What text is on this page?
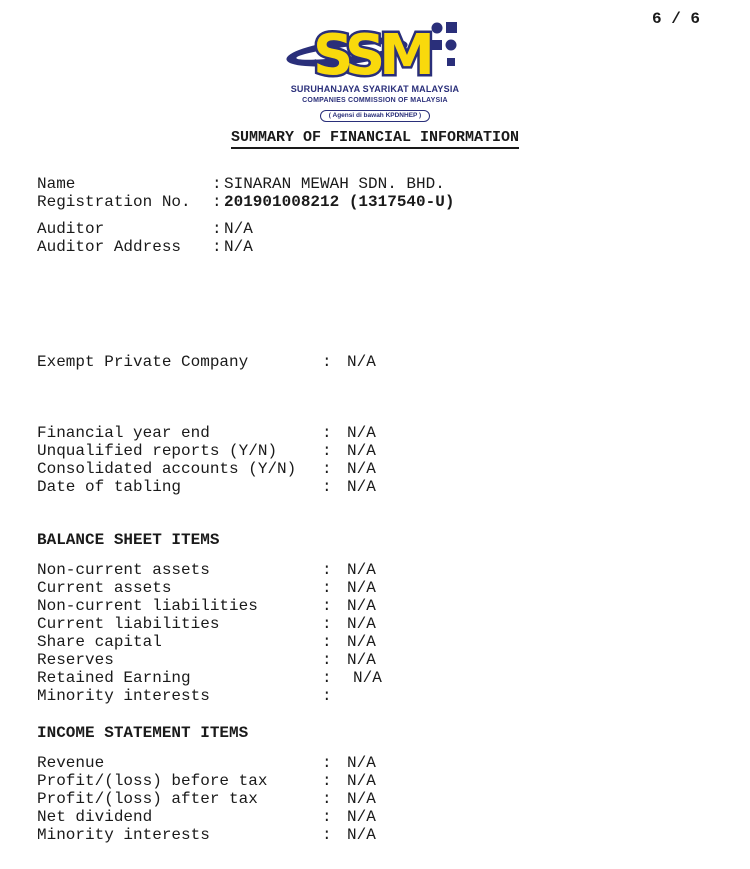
6 / 6
SSM
SURUHANJAYA SYARIKAT MALAYSIA
COMPANIES COMMISSION OF MALAYSIA
( Agensi di bawah KPDNHEP )
SUMMARY OF FINANCIAL INFORMATION
Name	: SINARAN MEWAH SDN. BHD.
Registration No. : 201901008212 (1317540-U)
Auditor	: N/A
Auditor Address : N/A
Exempt Private Company	: N/A
Financial year end	: N/A
Unqualified reports (Y/N)	: N/A
Consolidated accounts (Y/N) : N/A
Date of tabling	: N/A
BALANCE SHEET ITEMS
Non-current assets	: N/A
Current assets	: N/A
Non-current liabilities	: N/A
Current liabilities	: N/A
Share capital	: N/A
Reserves	: N/A
Retained Earning	: N/A
Minority interests	:
INCOME STATEMENT ITEMS
Revenue	: N/A
Profit/(loss) before tax	: N/A
Profit/(loss) after tax	: N/A
Net dividend	: N/A
Minority interests	: N/A
